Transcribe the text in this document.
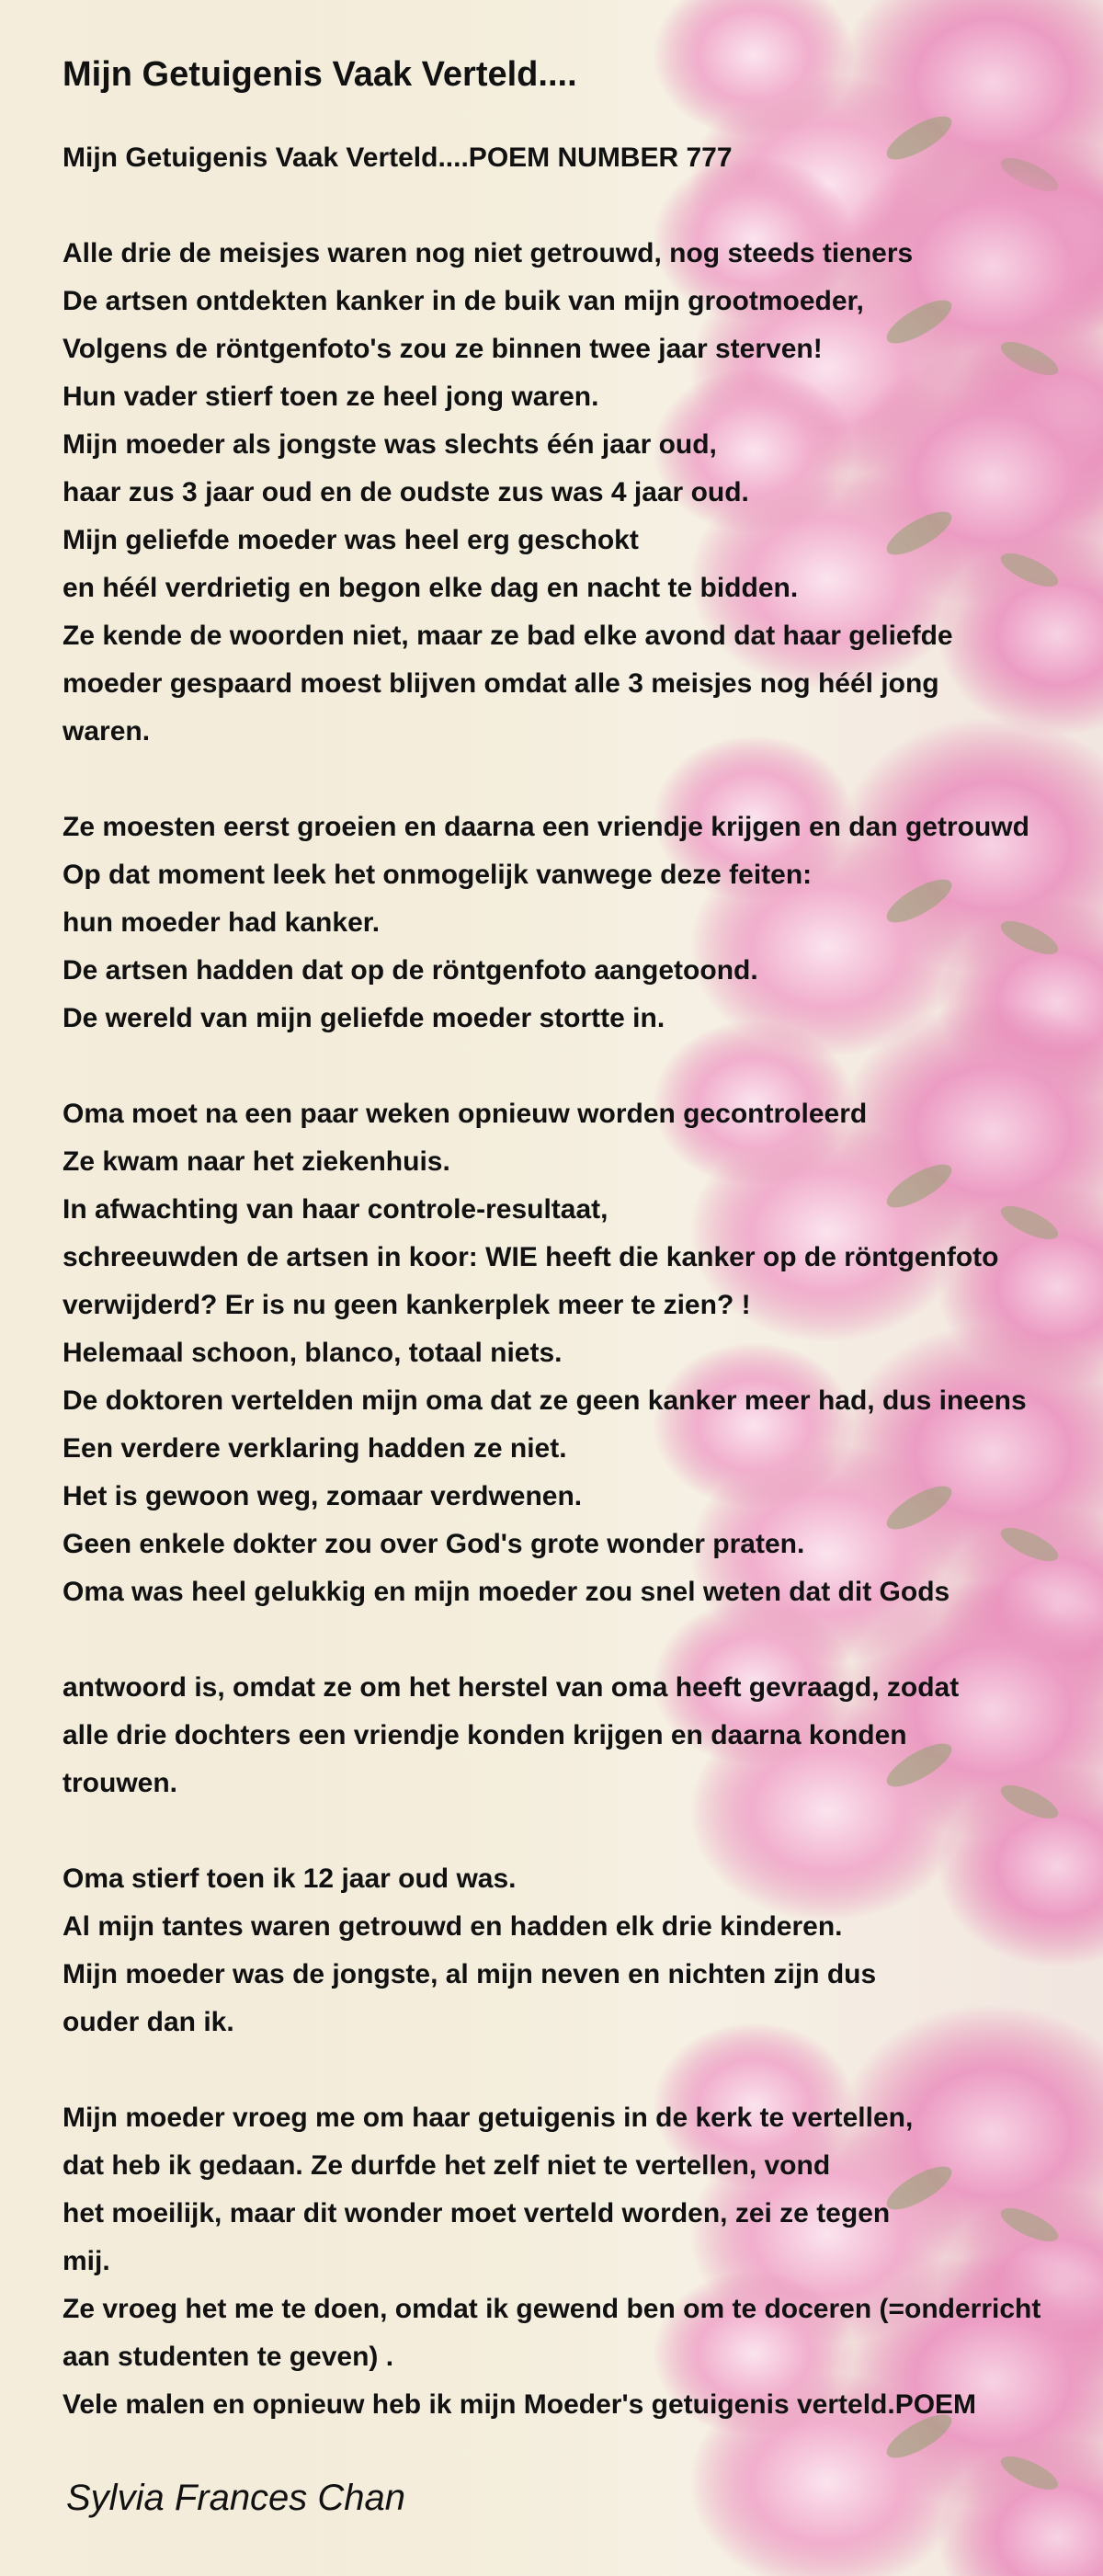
Mijn Getuigenis Vaak Verteld....
Mijn Getuigenis Vaak Verteld....POEM NUMBER 777
Alle drie de meisjes waren nog niet getrouwd, nog steeds tieners
De artsen ontdekten kanker in de buik van mijn grootmoeder,
Volgens de röntgenfoto's zou ze binnen twee jaar sterven!
Hun vader stierf toen ze heel jong waren.
Mijn moeder als jongste was slechts één jaar oud,
haar zus 3 jaar oud en de oudste zus was 4 jaar oud.
Mijn geliefde moeder was heel erg geschokt
en héél verdrietig en begon elke dag en nacht te bidden.
Ze kende de woorden niet, maar ze bad elke avond dat haar geliefde
moeder gespaard moest blijven omdat alle 3 meisjes nog héél jong
waren.
Ze moesten eerst groeien en daarna een vriendje krijgen en dan getrouwd
Op dat moment leek het onmogelijk vanwege deze feiten:
hun moeder had kanker.
De artsen hadden dat op de röntgenfoto aangetoond.
De wereld van mijn geliefde moeder stortte in.
Oma moet na een paar weken opnieuw worden gecontroleerd
Ze kwam naar het ziekenhuis.
In afwachting van haar controle-resultaat,
schreeuwden de artsen in koor: WIE heeft die kanker op de röntgenfoto
verwijderd? Er is nu geen kankerplek meer te zien? !
Helemaal schoon, blanco, totaal niets.
De doktoren vertelden mijn oma dat ze geen kanker meer had, dus ineens
Een verdere verklaring hadden ze niet.
Het is gewoon weg, zomaar verdwenen.
Geen enkele dokter zou over God's grote wonder praten.
Oma was heel gelukkig en mijn moeder zou snel weten dat dit Gods
antwoord is, omdat ze om het herstel van oma heeft gevraagd, zodat
alle drie dochters een vriendje konden krijgen en daarna konden
trouwen.
Oma stierf toen ik 12 jaar oud was.
Al mijn tantes waren getrouwd en hadden elk drie kinderen.
Mijn moeder was de jongste, al mijn neven en nichten zijn dus
ouder dan ik.
Mijn moeder vroeg me om haar getuigenis in de kerk te vertellen,
dat heb ik gedaan. Ze durfde het zelf niet te vertellen, vond
het moeilijk, maar dit wonder moet verteld worden, zei ze tegen
mij.
Ze vroeg het me te doen, omdat ik gewend ben om te doceren (=onderricht
aan studenten te geven) .
Vele malen en opnieuw heb ik mijn Moeder's getuigenis verteld.POEM
Sylvia Frances Chan
